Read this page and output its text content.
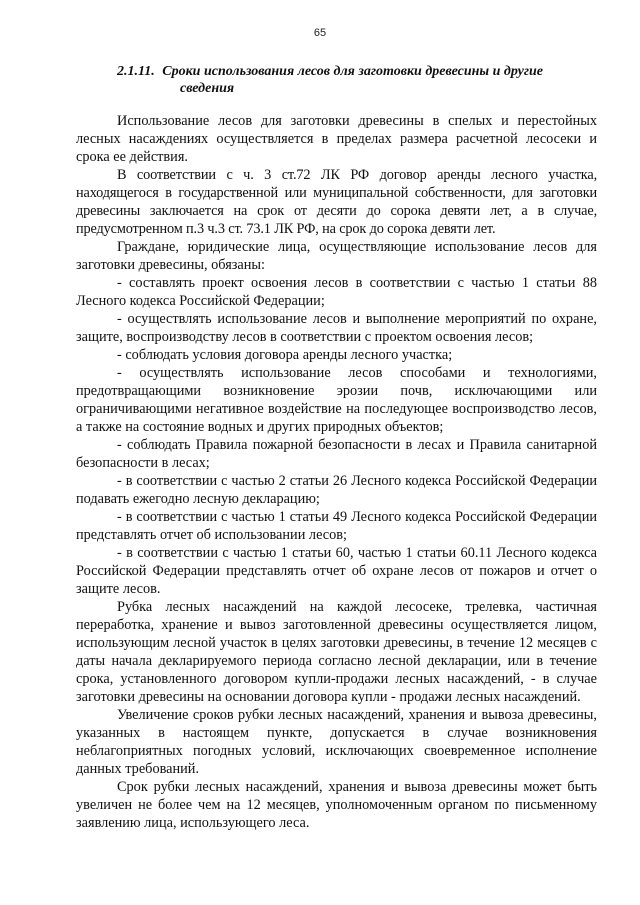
65
2.1.11. Сроки использования лесов для заготовки древесины и другие
сведения

Использование лесов для заготовки древесины в спелых и перестойных лесных насаждениях осуществляется в пределах размера расчетной лесосеки и срока ее действия.

В соответствии с ч. 3 ст.72 ЛК РФ договор аренды лесного участка, находящегося в государственной или муниципальной собственности, для заготовки древесины заключается на срок от десяти до сорока девяти лет, а в случае, предусмотренном п.3 ч.3 ст. 73.1 ЛК РФ, на срок до сорока девяти лет.

Граждане, юридические лица, осуществляющие использование лесов для заготовки древесины, обязаны:

- составлять проект освоения лесов в соответствии с частью 1 статьи 88 Лесного кодекса Российской Федерации;

- осуществлять использование лесов и выполнение мероприятий по охране, защите, воспроизводству лесов в соответствии с проектом освоения лесов;

- соблюдать условия договора аренды лесного участка;

- осуществлять использование лесов способами и технологиями, предотвращающими возникновение эрозии почв, исключающими или ограничивающими негативное воздействие на последующее воспроизводство лесов, а также на состояние водных и других природных объектов;

- соблюдать Правила пожарной безопасности в лесах и Правила санитарной безопасности в лесах;

- в соответствии с частью 2 статьи 26 Лесного кодекса Российской Федерации подавать ежегодно лесную декларацию;

- в соответствии с частью 1 статьи 49 Лесного кодекса Российской Федерации представлять отчет об использовании лесов;

- в соответствии с частью 1 статьи 60, частью 1 статьи 60.11 Лесного кодекса Российской Федерации представлять отчет об охране лесов от пожаров и отчет о защите лесов.

Рубка лесных насаждений на каждой лесосеке, трелевка, частичная переработка, хранение и вывоз заготовленной древесины осуществляется лицом, использующим лесной участок в целях заготовки древесины, в течение 12 месяцев с даты начала декларируемого периода согласно лесной декларации, или в течение срока, установленного договором купли-продажи лесных насаждений, - в случае заготовки древесины на основании договора купли - продажи лесных насаждений.

Увеличение сроков рубки лесных насаждений, хранения и вывоза древесины, указанных в настоящем пункте, допускается в случае возникновения неблагоприятных погодных условий, исключающих своевременное исполнение данных требований.

Срок рубки лесных насаждений, хранения и вывоза древесины может быть увеличен не более чем на 12 месяцев, уполномоченным органом по письменному заявлению лица, использующего леса.
